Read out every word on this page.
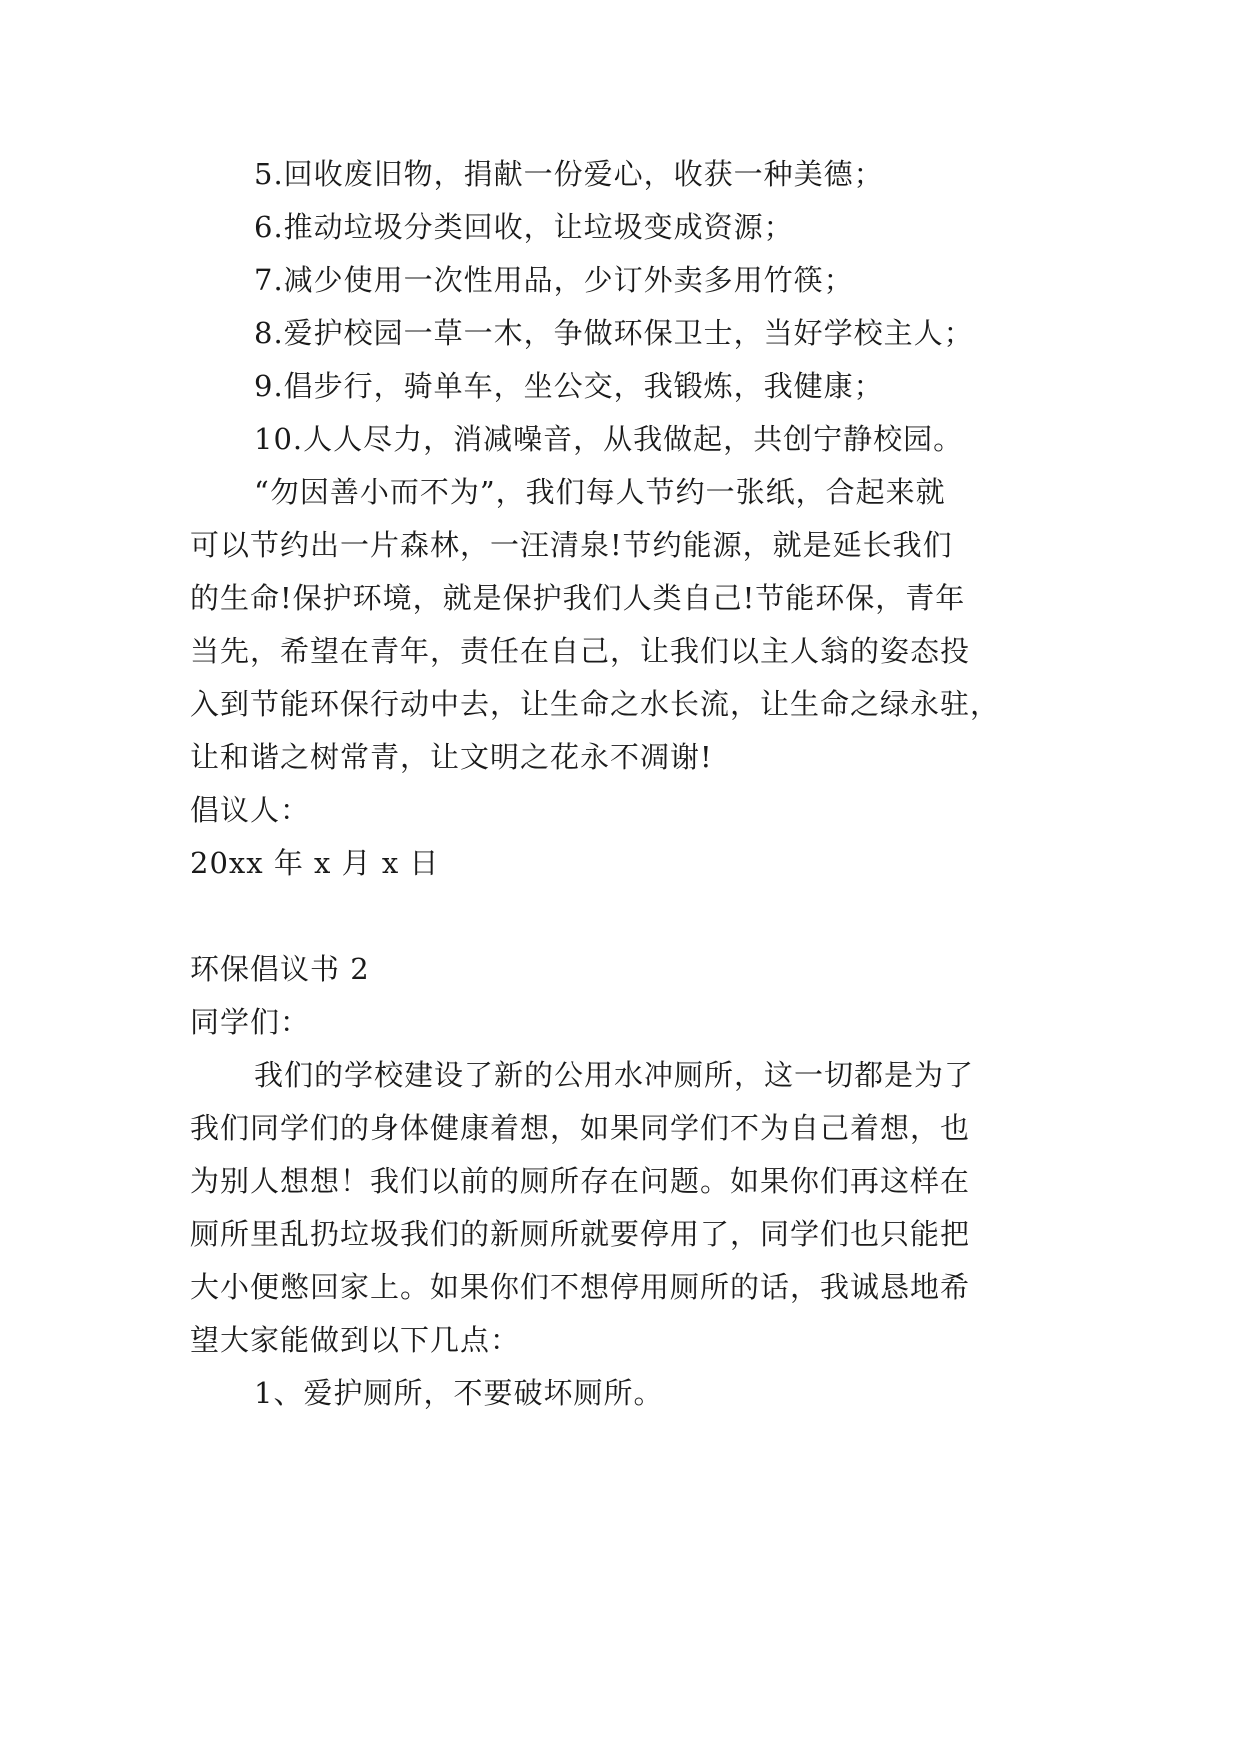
5.回收废旧物，捐献一份爱心，收获一种美德；
6.推动垃圾分类回收，让垃圾变成资源；
7.减少使用一次性用品，少订外卖多用竹筷；
8.爱护校园一草一木，争做环保卫士，当好学校主人；
9.倡步行，骑单车，坐公交，我锻炼，我健康；
10.人人尽力，消减噪音，从我做起，共创宁静校园。
“勿因善小而不为”，我们每人节约一张纸，合起来就
可以节约出一片森林，一汪清泉!节约能源，就是延长我们
的生命!保护环境，就是保护我们人类自己!节能环保，青年
当先，希望在青年，责任在自己，让我们以主人翁的姿态投
入到节能环保行动中去，让生命之水长流，让生命之绿永驻，
让和谐之树常青，让文明之花永不凋谢!
倡议人：
20xx 年 x 月 x 日
环保倡议书 2
同学们：
我们的学校建设了新的公用水冲厕所，这一切都是为了
我们同学们的身体健康着想，如果同学们不为自己着想，也
为别人想想！我们以前的厕所存在问题。如果你们再这样在
厕所里乱扔垃圾我们的新厕所就要停用了，同学们也只能把
大小便憋回家上。如果你们不想停用厕所的话，我诚恳地希
望大家能做到以下几点：
1、爱护厕所，不要破坏厕所。
